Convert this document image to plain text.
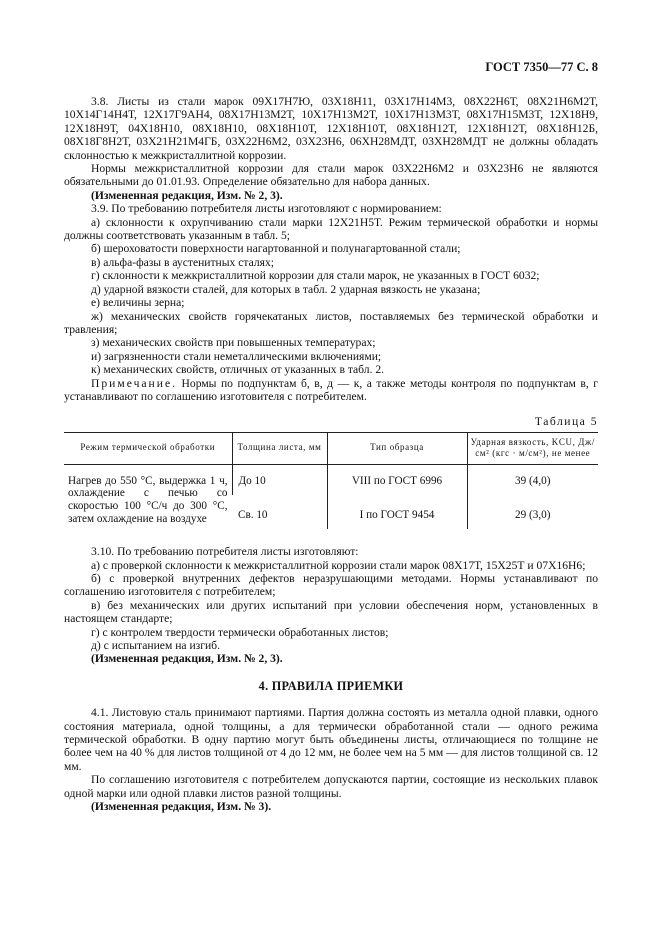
ГОСТ 7350—77 С. 8

3.8. Листы из стали марок 09Х17Н7Ю, 03Х18Н11, 03Х17Н14М3, 08Х22Н6Т, 08Х21Н6М2Т, 10Х14Г14Н4Т, 12Х17Г9АН4, 08Х17Н13М2Т, 10Х17Н13М2Т, 10Х17Н13М3Т, 08Х17Н15М3Т, 12Х18Н9, 12Х18Н9Т, 04Х18Н10, 08Х18Н10, 08Х18Н10Т, 12Х18Н10Т, 08Х18Н12Т, 12Х18Н12Т, 08Х18Н12Б, 08Х18Г8Н2Т, 03Х21Н21М4ГБ, 03Х22Н6М2, 03Х23Н6, 06ХН28МДТ, 03ХН28МДТ не должны обладать склонностью к межкристаллитной коррозии.

Нормы межкристаллитной коррозии для стали марок 03Х22Н6М2 и 03Х23Н6 не являются обязательными до 01.01.93. Определение обязательно для набора данных.

(Измененная редакция, Изм. № 2, 3).

3.9. По требованию потребителя листы изготовляют с нормированием:

а) склонности к охрупчиванию стали марки 12Х21Н5Т. Режим термической обработки и нормы должны соответствовать указанным в табл. 5;

б) шероховатости поверхности нагартованной и полунагартованной стали;

в) альфа-фазы в аустенитных сталях;

г) склонности к межкристаллитной коррозии для стали марок, не указанных в ГОСТ 6032;

д) ударной вязкости сталей, для которых в табл. 2 ударная вязкость не указана;

е) величины зерна;

ж) механических свойств горячекатаных листов, поставляемых без термической обработки и травления;

з) механических свойств при повышенных температурах;

и) загрязненности стали неметаллическими включениями;

к) механических свойств, отличных от указанных в табл. 2.

Примечание. Нормы по подпунктам б, в, д — к, а также методы контроля по подпунктам в, г устанавливают по соглашению изготовителя с потребителем.

Таблица 5
Режим термической обработки	Толщина листа, мм	Тип образца	Ударная вязкость, KCU, Дж/см² (кгс · м/см²), не менее
Нагрев до 550 °С, выдержка 1 ч, охлаждение с печью со скоростью 100 °С/ч до 300 °С, затем охлаждение на воздухе	До 10	VIII по ГОСТ 6996	39 (4,0)
	Св. 10	I по ГОСТ 9454	29 (3,0)

3.10. По требованию потребителя листы изготовляют:

а) с проверкой склонности к межкристаллитной коррозии стали марок 08Х17Т, 15Х25Т и 07Х16Н6;

б) с проверкой внутренних дефектов неразрушающими методами. Нормы устанавливают по соглашению изготовителя с потребителем;

в) без механических или других испытаний при условии обеспечения норм, установленных в настоящем стандарте;

г) с контролем твердости термически обработанных листов;

д) с испытанием на изгиб.

(Измененная редакция, Изм. № 2, 3).

4. ПРАВИЛА ПРИЕМКИ

4.1. Листовую сталь принимают партиями. Партия должна состоять из металла одной плавки, одного состояния материала, одной толщины, а для термически обработанной стали — одного режима термической обработки. В одну партию могут быть объединены листы, отличающиеся по толщине не более чем на 40 % для листов толщиной от 4 до 12 мм, не более чем на 5 мм — для листов толщиной св. 12 мм.

По соглашению изготовителя с потребителем допускаются партии, состоящие из нескольких плавок одной марки или одной плавки листов разной толщины.

(Измененная редакция, Изм. № 3).
